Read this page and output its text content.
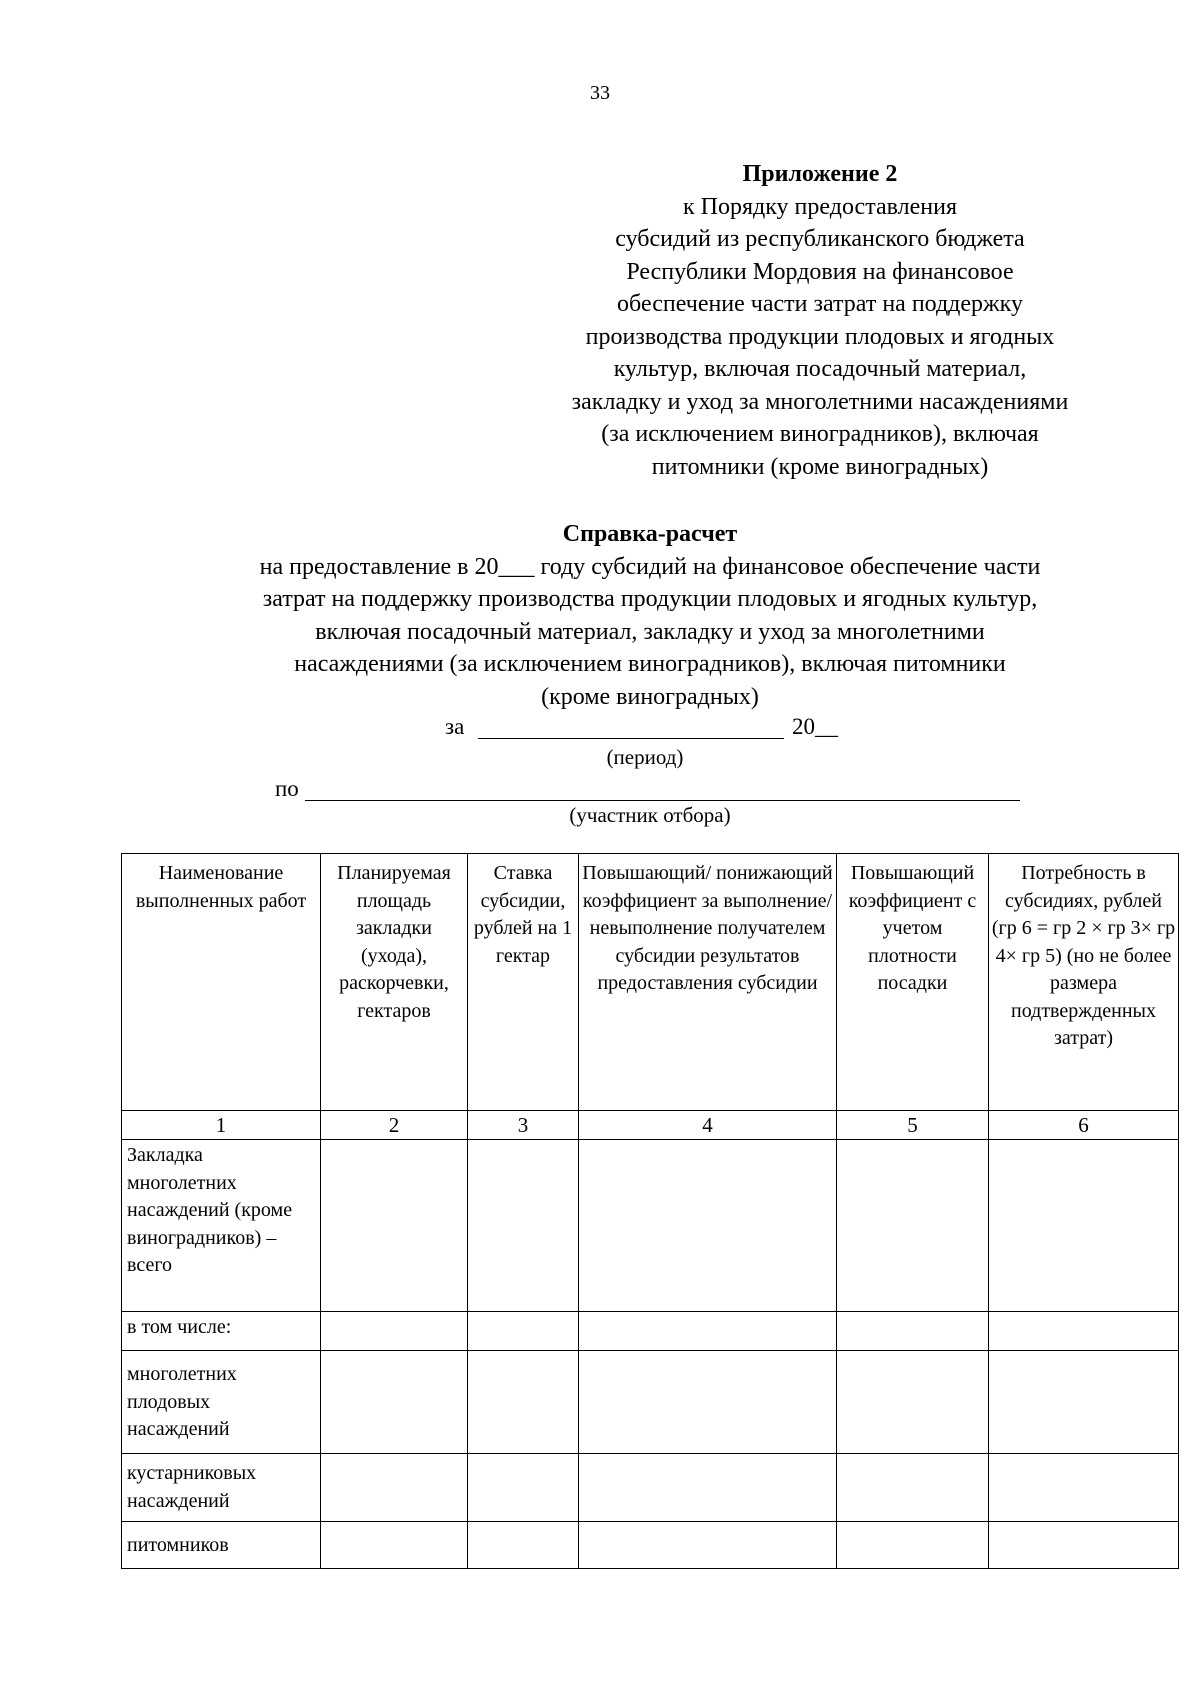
33
Приложение 2
к Порядку предоставления
субсидий из республиканского бюджета
Республики Мордовия на финансовое
обеспечение части затрат на поддержку
производства продукции плодовых и ягодных
культур, включая посадочный материал,
закладку и уход за многолетними насаждениями
(за исключением виноградников), включая
питомники (кроме виноградных)
Справка-расчет
на предоставление в 20___ году субсидий на финансовое обеспечение части
затрат на поддержку производства продукции плодовых и ягодных культур,
включая посадочный материал, закладку и уход за многолетними
насаждениями (за исключением виноградников), включая питомники
(кроме виноградных)
за	20__
(период)
по
(участник отбора)
Наименование выполненных работ	Планируемая площадь закладки (ухода), раскорчевки, гектаров	Ставка субсидии, рублей на 1 гектар	Повышающий/ понижающий коэффициент за выполнение/ невыполнение получателем субсидии результатов предоставления субсидии	Повышающий коэффициент с учетом плотности посадки	Потребность в субсидиях, рублей (гр 6 = гр 2 × гр 3× гр 4× гр 5) (но не более размера подтвержденных затрат)
1	2	3	4	5	6
Закладка многолетних насаждений (кроме виноградников) – всего					
в том числе:					
многолетних плодовых насаждений					
кустарниковых насаждений					
питомников					
